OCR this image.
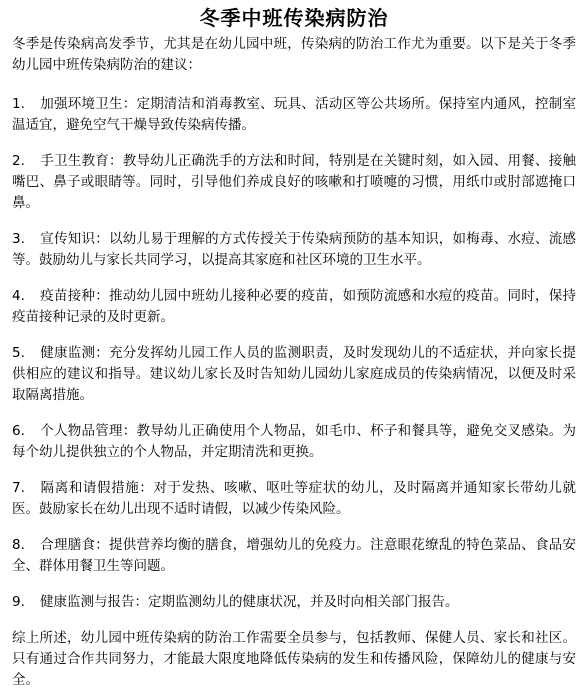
冬季中班传染病防治

冬季是传染病高发季节，尤其是在幼儿园中班，传染病的防治工作尤为重要。以下是关于冬季幼儿园中班传染病防治的建议：

1. 加强环境卫生：定期清洁和消毒教室、玩具、活动区等公共场所。保持室内通风，控制室温适宜，避免空气干燥导致传染病传播。

2. 手卫生教育：教导幼儿正确洗手的方法和时间，特别是在关键时刻，如入园、用餐、接触嘴巴、鼻子或眼睛等。同时，引导他们养成良好的咳嗽和打喷嚏的习惯，用纸巾或肘部遮掩口鼻。

3. 宣传知识：以幼儿易于理解的方式传授关于传染病预防的基本知识，如梅毒、水痘、流感等。鼓励幼儿与家长共同学习，以提高其家庭和社区环境的卫生水平。

4. 疫苗接种：推动幼儿园中班幼儿接种必要的疫苗，如预防流感和水痘的疫苗。同时，保持疫苗接种记录的及时更新。

5. 健康监测：充分发挥幼儿园工作人员的监测职责，及时发现幼儿的不适症状，并向家长提供相应的建议和指导。建议幼儿家长及时告知幼儿园幼儿家庭成员的传染病情况，以便及时采取隔离措施。

6. 个人物品管理：教导幼儿正确使用个人物品，如毛巾、杯子和餐具等，避免交叉感染。为每个幼儿提供独立的个人物品，并定期清洗和更换。

7. 隔离和请假措施：对于发热、咳嗽、呕吐等症状的幼儿，及时隔离并通知家长带幼儿就医。鼓励家长在幼儿出现不适时请假，以减少传染风险。

8. 合理膳食：提供营养均衡的膳食，增强幼儿的免疫力。注意眼花缭乱的特色菜品、食品安全、群体用餐卫生等问题。

9. 健康监测与报告：定期监测幼儿的健康状况，并及时向相关部门报告。

综上所述，幼儿园中班传染病的防治工作需要全员参与，包括教师、保健人员、家长和社区。只有通过合作共同努力，才能最大限度地降低传染病的发生和传播风险，保障幼儿的健康与安全。
